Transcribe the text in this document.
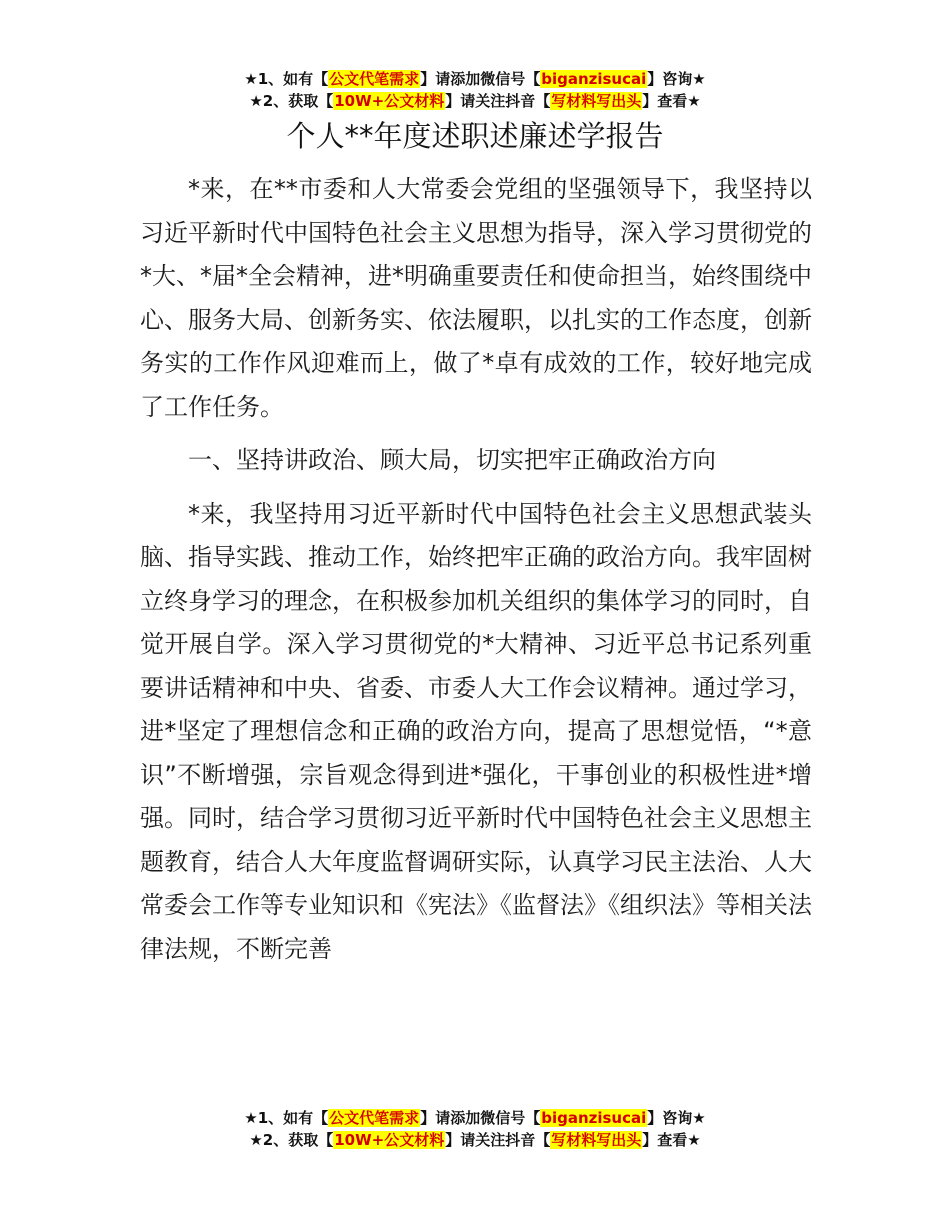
★1、如有【公文代笔需求】请添加微信号【biganzisucai】咨询★
★2、获取【10W+公文材料】请关注抖音【写材料写出头】查看★
个人**年度述职述廉述学报告

*来，在**市委和人大常委会党组的坚强领导下，我坚持以习近平新时代中国特色社会主义思想为指导，深入学习贯彻党的*大、*届*全会精神，进*明确重要责任和使命担当，始终围绕中心、服务大局、创新务实、依法履职，以扎实的工作态度，创新务实的工作作风迎难而上，做了*卓有成效的工作，较好地完成了工作任务。

一、坚持讲政治、顾大局，切实把牢正确政治方向

*来，我坚持用习近平新时代中国特色社会主义思想武装头脑、指导实践、推动工作，始终把牢正确的政治方向。我牢固树立终身学习的理念，在积极参加机关组织的集体学习的同时，自觉开展自学。深入学习贯彻党的*大精神、习近平总书记系列重要讲话精神和中央、省委、市委人大工作会议精神。通过学习，进*坚定了理想信念和正确的政治方向，提高了思想觉悟，“*意识”不断增强，宗旨观念得到进*强化，干事创业的积极性进*增强。同时，结合学习贯彻习近平新时代中国特色社会主义思想主题教育，结合人大年度监督调研实际，认真学习民主法治、人大常委会工作等专业知识和《宪法》《监督法》《组织法》等相关法律法规，不断完善

★1、如有【公文代笔需求】请添加微信号【biganzisucai】咨询★
★2、获取【10W+公文材料】请关注抖音【写材料写出头】查看★
